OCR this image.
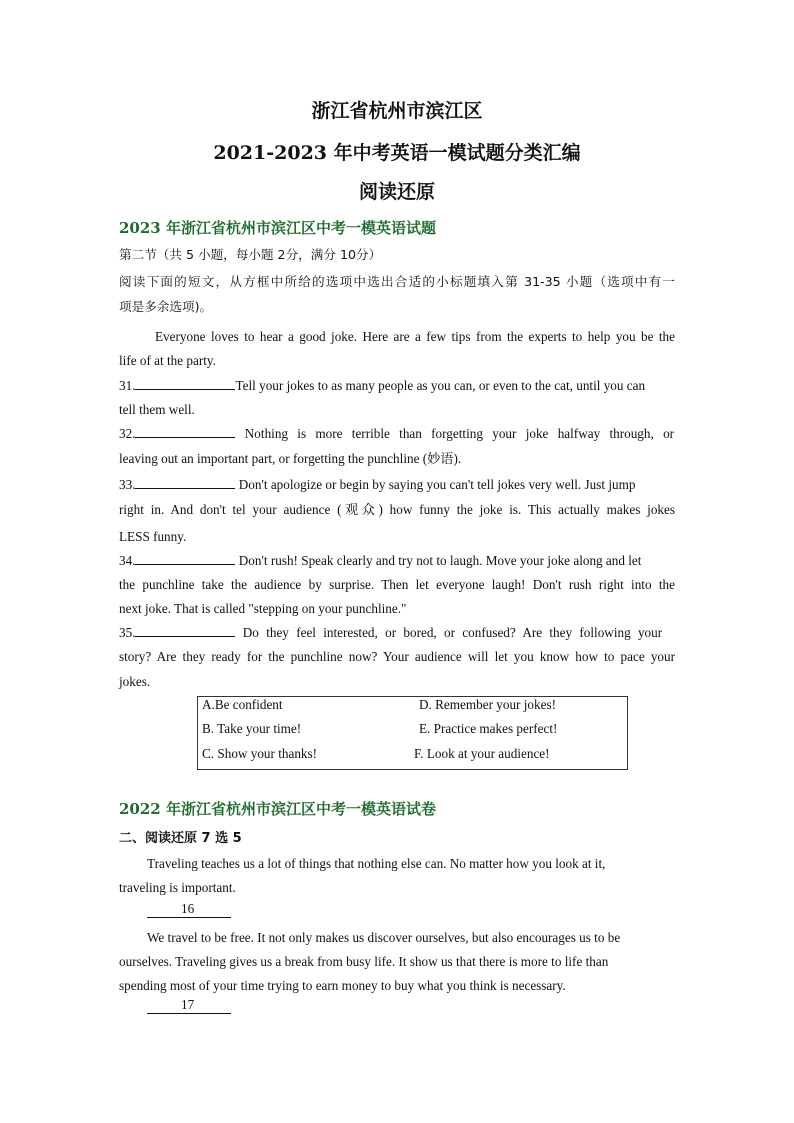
浙江省杭州市滨江区
2021-2023 年中考英语一模试题分类汇编
阅读还原
2023 年浙江省杭州市滨江区中考一模英语试题
第二节（共 5 小题，每小题 2分，满分 10分）
阅读下面的短文，从方框中所给的选项中选出合适的小标题填入第 31-35 小题（选项中有一
项是多余选项)。
Everyone loves to hear a good joke. Here are a few tips from the experts to help you be the
life of at the party.
31.	Tell your jokes to as many people as you can, or even to the cat, until you can
tell them well.
32.	Nothing is more terrible than forgetting your joke halfway through, or
leaving out an important part, or forgetting the punchline (妙语).
33.	Don't apologize or begin by saying you can't tell jokes very well. Just jump
right in. And don't tel your audience (观众) how funny the joke is. This actually makes jokes
LESS funny.
34.	Don't rush! Speak clearly and try not to laugh. Move your joke along and let
the punchline take the audience by surprise. Then let everyone laugh! Don't rush right into the
next joke. That is called "stepping on your punchline."
35.	Do they feel interested, or bored, or confused? Are they following your
story? Are they ready for the punchline now? Your audience will let you know how to pace your
jokes.
A.Be confident
B. Take your time!
C. Show your thanks!
D. Remember your jokes!
E. Practice makes perfect!
F. Look at your audience!
2022 年浙江省杭州市滨江区中考一模英语试卷
二、阅读还原 7 选 5
Traveling teaches us a lot of things that nothing else can. No matter how you look at it,
traveling is important.
16
We travel to be free. It not only makes us discover ourselves, but also encourages us to be
ourselves. Traveling gives us a break from busy life. It show us that there is more to life than
spending most of your time trying to earn money to buy what you think is necessary.
17
